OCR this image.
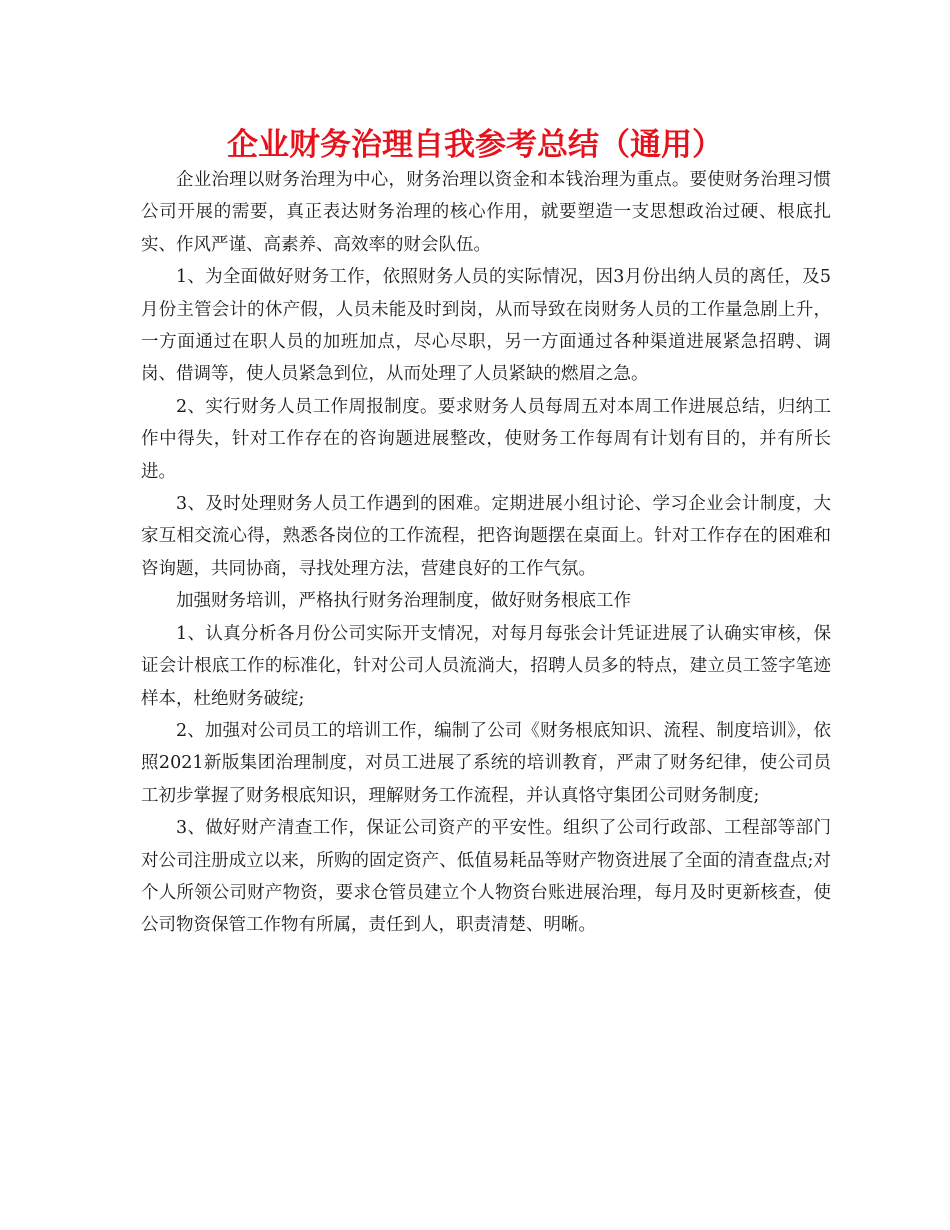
企业财务治理自我参考总结（通用）

企业治理以财务治理为中心，财务治理以资金和本钱治理为重点。要使财务治理习惯公司开展的需要，真正表达财务治理的核心作用，就要塑造一支思想政治过硬、根底扎实、作风严谨、高素养、高效率的财会队伍。

1、为全面做好财务工作，依照财务人员的实际情况，因3月份出纳人员的离任，及5月份主管会计的休产假，人员未能及时到岗，从而导致在岗财务人员的工作量急剧上升，一方面通过在职人员的加班加点，尽心尽职，另一方面通过各种渠道进展紧急招聘、调岗、借调等，使人员紧急到位，从而处理了人员紧缺的燃眉之急。

2、实行财务人员工作周报制度。要求财务人员每周五对本周工作进展总结，归纳工作中得失，针对工作存在的咨询题进展整改，使财务工作每周有计划有目的，并有所长进。

3、及时处理财务人员工作遇到的困难。定期进展小组讨论、学习企业会计制度，大家互相交流心得，熟悉各岗位的工作流程，把咨询题摆在桌面上。针对工作存在的困难和咨询题，共同协商，寻找处理方法，营建良好的工作气氛。

加强财务培训，严格执行财务治理制度，做好财务根底工作

1、认真分析各月份公司实际开支情况，对每月每张会计凭证进展了认确实审核，保证会计根底工作的标准化，针对公司人员流淌大，招聘人员多的特点，建立员工签字笔迹样本，杜绝财务破绽;

2、加强对公司员工的培训工作，编制了公司《财务根底知识、流程、制度培训》，依照2021新版集团治理制度，对员工进展了系统的培训教育，严肃了财务纪律，使公司员工初步掌握了财务根底知识，理解财务工作流程，并认真恪守集团公司财务制度;

3、做好财产清查工作，保证公司资产的平安性。组织了公司行政部、工程部等部门对公司注册成立以来，所购的固定资产、低值易耗品等财产物资进展了全面的清查盘点;对个人所领公司财产物资，要求仓管员建立个人物资台账进展治理，每月及时更新核查，使公司物资保管工作物有所属，责任到人，职责清楚、明晰。
